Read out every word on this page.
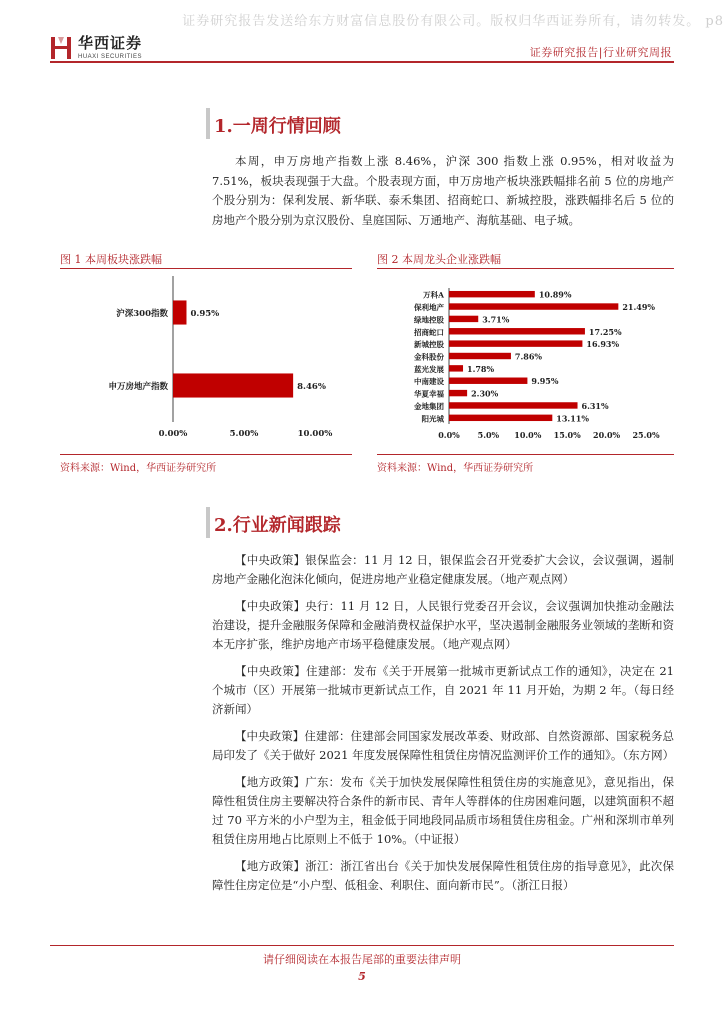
证券研究报告发送给东方财富信息股份有限公司。版权归华西证券所有，请勿转发。 p8
华西证券
HUAXI SECURITIES	证券研究报告|行业研究周报
1.一周行情回顾
本周，申万房地产指数上涨 8.46%，沪深 300 指数上涨 0.95%，相对收益为 7.51%，板块表现强于大盘。个股表现方面，申万房地产板块涨跌幅排名前 5 位的房地产个股分别为：保利发展、新华联、泰禾集团、招商蛇口、新城控股，涨跌幅排名后 5 位的房地产个股分别为京汉股份、皇庭国际、万通地产、海航基础、电子城。
图 1 本周板块涨跌幅
沪深300指数	0.95%
申万房地产指数	8.46%
0.00%	5.00%	10.00%
资料来源：Wind，华西证券研究所
图 2 本周龙头企业涨跌幅
万科A	10.89%
保利地产	21.49%
绿地控股	3.71%
招商蛇口	17.25%
新城控股	16.93%
金科股份	7.86%
蓝光发展	1.78%
中南建设	9.95%
华夏幸福	2.30%
金地集团	6.31%
阳光城	13.11%
0.0% 5.0% 10.0% 15.0% 20.0% 25.0%
资料来源：Wind，华西证券研究所
2.行业新闻跟踪

【中央政策】银保监会：11 月 12 日，银保监会召开党委扩大会议，会议强调，遏制房地产金融化泡沫化倾向，促进房地产业稳定健康发展。（地产观点网）

【中央政策】央行：11 月 12 日，人民银行党委召开会议，会议强调加快推动金融法治建设，提升金融服务保障和金融消费权益保护水平，坚决遏制金融服务业领域的垄断和资本无序扩张，维护房地产市场平稳健康发展。（地产观点网）

【中央政策】住建部：发布《关于开展第一批城市更新试点工作的通知》，决定在 21 个城市（区）开展第一批城市更新试点工作，自 2021 年 11 月开始，为期 2 年。（每日经济新闻）

【中央政策】住建部：住建部会同国家发展改革委、财政部、自然资源部、国家税务总局印发了《关于做好 2021 年度发展保障性租赁住房情况监测评价工作的通知》。（东方网）

【地方政策】广东：发布《关于加快发展保障性租赁住房的实施意见》，意见指出，保障性租赁住房主要解决符合条件的新市民、青年人等群体的住房困难问题，以建筑面积不超过 70 平方米的小户型为主，租金低于同地段同品质市场租赁住房租金。广州和深圳市单列租赁住房用地占比原则上不低于 10%。（中证报）

【地方政策】浙江：浙江省出台《关于加快发展保障性租赁住房的指导意见》，此次保障性住房定位是“小户型、低租金、利职住、面向新市民”。（浙江日报）

请仔细阅读在本报告尾部的重要法律声明
5
